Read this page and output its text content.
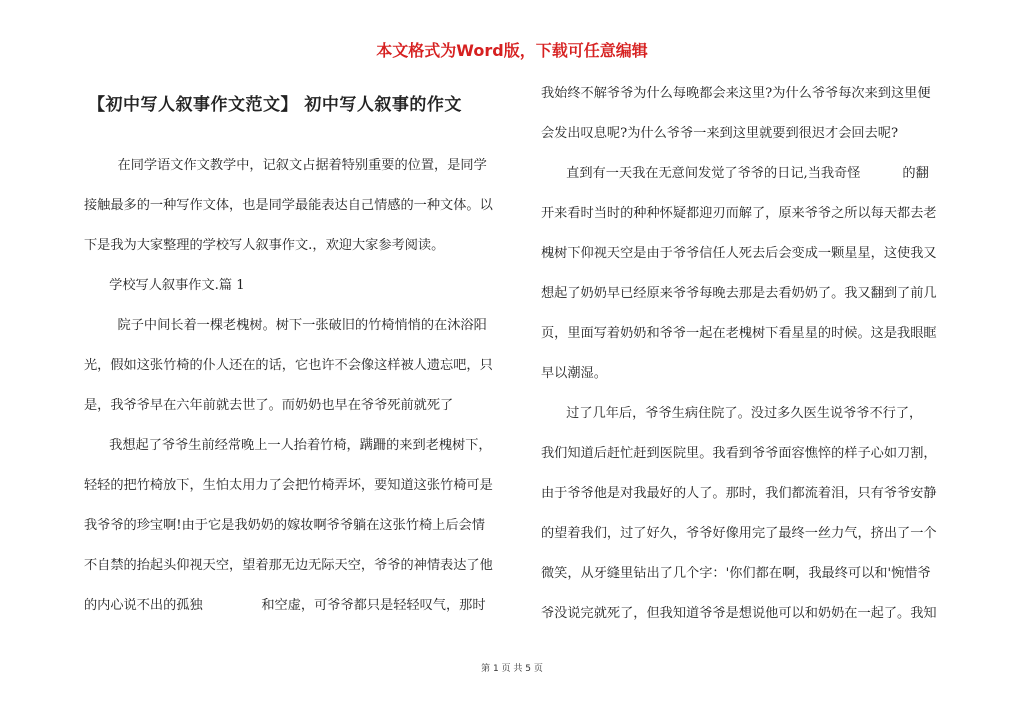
本文格式为Word版，下载可任意编辑
【初中写人叙事作文范文】 初中写人叙事的作文
在同学语文作文教学中，记叙文占据着特别重要的位置，是同学
接触最多的一种写作文体，也是同学最能表达自己情感的一种文体。以
下是我为大家整理的学校写人叙事作文.，欢迎大家参考阅读。
学校写人叙事作文.篇 1
院子中间长着一棵老槐树。树下一张破旧的竹椅悄悄的在沐浴阳
光，假如这张竹椅的仆人还在的话，它也许不会像这样被人遗忘吧，只
是，我爷爷早在六年前就去世了。而奶奶也早在爷爷死前就死了
我想起了爷爷生前经常晚上一人抬着竹椅，蹒跚的来到老槐树下，
轻轻的把竹椅放下，生怕太用力了会把竹椅弄坏，要知道这张竹椅可是
我爷爷的珍宝啊!由于它是我奶奶的嫁妆啊爷爷躺在这张竹椅上后会情
不自禁的抬起头仰视天空，望着那无边无际天空，爷爷的神情表达了他
的内心说不出的孤独              和空虚，可爷爷都只是轻轻叹气，那时
我始终不解爷爷为什么每晚都会来这里?为什么爷爷每次来到这里便
会发出叹息呢?为什么爷爷一来到这里就要到很迟才会回去呢?
直到有一天我在无意间发觉了爷爷的日记,当我奇怪          的翻
开来看时当时的种种怀疑都迎刃而解了，原来爷爷之所以每天都去老
槐树下仰视天空是由于爷爷信任人死去后会变成一颗星星，这使我又
想起了奶奶早已经原来爷爷每晚去那是去看奶奶了。我又翻到了前几
页，里面写着奶奶和爷爷一起在老槐树下看星星的时候。这是我眼眶
早以潮湿。
过了几年后，爷爷生病住院了。没过多久医生说爷爷不行了，
我们知道后赶忙赶到医院里。我看到爷爷面容憔悴的样子心如刀割，
由于爷爷他是对我最好的人了。那时，我们都流着泪，只有爷爷安静
的望着我们，过了好久，爷爷好像用完了最终一丝力气，挤出了一个
微笑，从牙缝里钻出了几个字：'你们都在啊，我最终可以和'惋惜爷
爷没说完就死了，但我知道爷爷是想说他可以和奶奶在一起了。我知
第 1 页 共 5 页
